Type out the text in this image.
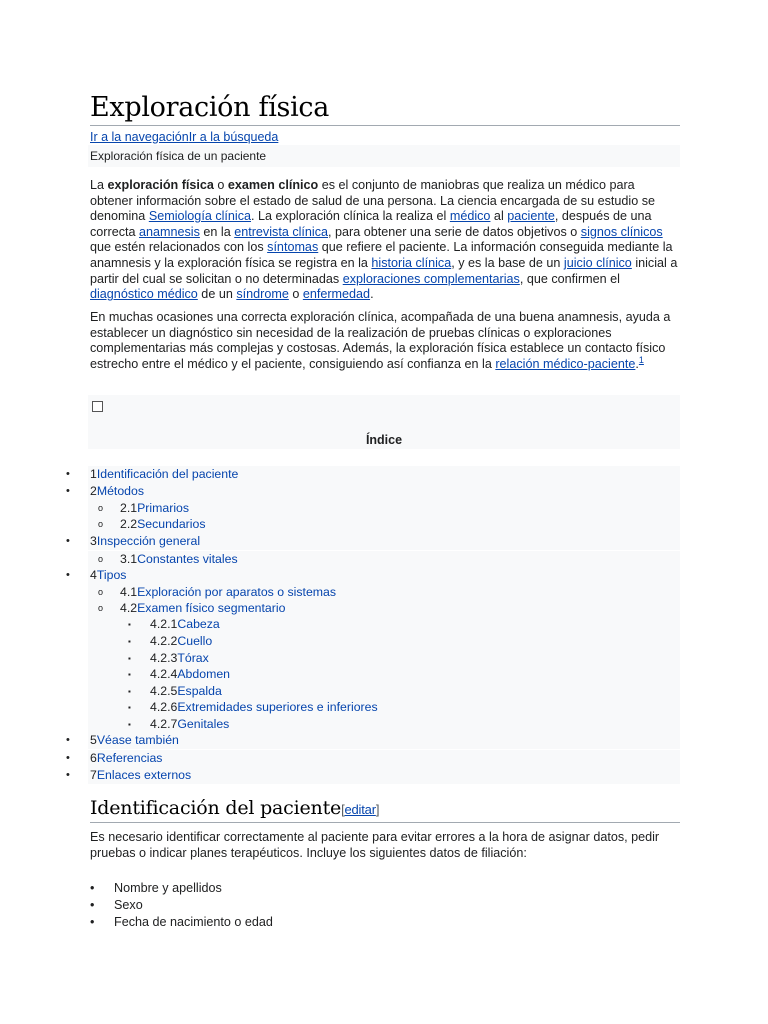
Exploración física
Ir a la navegaciónIr a la búsqueda
Exploración física de un paciente

La exploración física o examen clínico es el conjunto de maniobras que realiza un médico para obtener información sobre el estado de salud de una persona. La ciencia encargada de su estudio se denomina Semiología clínica. La exploración clínica la realiza el médico al paciente, después de una correcta anamnesis en la entrevista clínica, para obtener una serie de datos objetivos o signos clínicos que estén relacionados con los síntomas que refiere el paciente. La información conseguida mediante la anamnesis y la exploración física se registra en la historia clínica, y es la base de un juicio clínico inicial a partir del cual se solicitan o no determinadas exploraciones complementarias, que confirmen el diagnóstico médico de un síndrome o enfermedad.

En muchas ocasiones una correcta exploración clínica, acompañada de una buena anamnesis, ayuda a establecer un diagnóstico sin necesidad de la realización de pruebas clínicas o exploraciones complementarias más complejas y costosas. Además, la exploración física establece un contacto físico estrecho entre el médico y el paciente, consiguiendo así confianza en la relación médico-paciente.$^1$

Índice
• 1Identificación del paciente
• 2Métodos
o 2.1Primarios
o 2.2Secundarios
• 3Inspección general
o 3.1Constantes vitales
• 4Tipos
o 4.1Exploración por aparatos o sistemas
o 4.2Examen físico segmentario
▪ 4.2.1Cabeza
▪ 4.2.2Cuello
▪ 4.2.3Tórax
▪ 4.2.4Abdomen
▪ 4.2.5Espalda
▪ 4.2.6Extremidades superiores e inferiores
▪ 4.2.7Genitales
• 5Véase también
• 6Referencias
• 7Enlaces externos
Identificación del paciente[editar]

Es necesario identificar correctamente al paciente para evitar errores a la hora de asignar datos, pedir pruebas o indicar planes terapéuticos. Incluye los siguientes datos de filiación:

• Nombre y apellidos
• Sexo
• Fecha de nacimiento o edad
